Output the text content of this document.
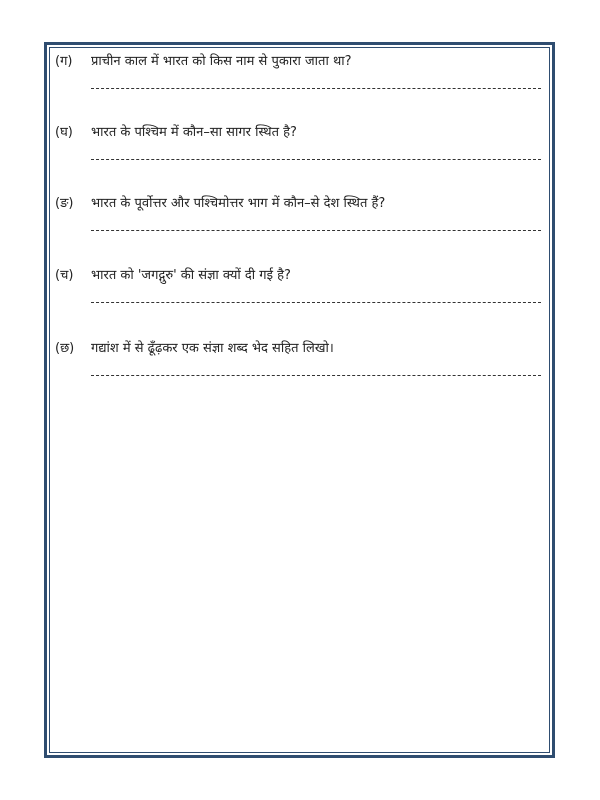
(ग) प्राचीन काल में भारत को किस नाम से पुकारा जाता था?
(घ) भारत के पश्चिम में कौन–सा सागर स्थित है?
(ङ) भारत के पूर्वोत्तर और पश्चिमोत्तर भाग में कौन–से देश स्थित हैं?
(च) भारत को 'जगद्गुरु' की संज्ञा क्यों दी गई है?
(छ) गद्यांश में से ढूँढ़कर एक संज्ञा शब्द भेद सहित लिखो।
